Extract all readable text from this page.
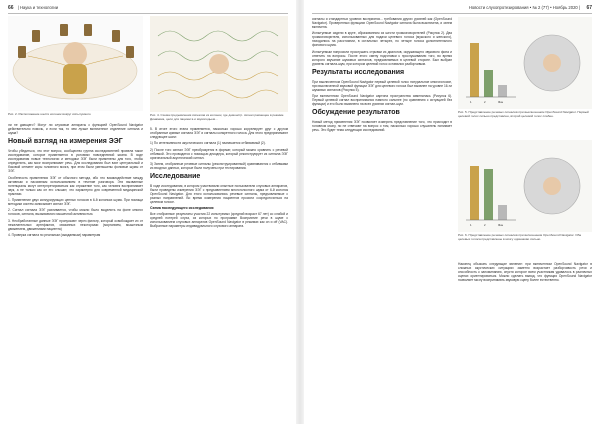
66 | Наука и технологии
Рис. 2. Расположение шести колонок вокруг испытуемого

ли не дающего? Могут ли слуховые аппараты с функцией OpenSound Navigator действительно помочь, и если так, то чем лучше включенное отделение сигнала и шума?

Новый взгляд на измерения ЭЭГ

Чтобы убедиться, что этот вопрос, сообщество группа исследователей провела такое исследование, которое применяется в условиях повседневной жизни. В ходе исследования новые технологии и методики ЭЭГ были применены для того, чтобы определить, как мозг воспринимает речь. Для исследования был взят центральный и боковой сегмент коры головного мозга, при этом были уменьшены фоновые шумы от ЭЭГ.

Особенность применения ЭЭГ от обычного метода, ибо это взаимодействие между активным и пассивным использованием в течение разговора. Эти вызванные потенциалы могут интерпретироваться как отражение того, как человек воспринимает звук, а не только как он его слышит, что характерно для современной медицинской практики.

1. Применение двух конкурирующих цепных голосов в 6-й колонках шума. При помощи методики систем записывает сигнал ЭЭГ.

2. Сигнал сигнала ЭЭГ усиливается, чтобы можно было выделить на фоне многих голосов, сигнала, вызываемого мышечной активностью.

3. Необработанные данные ЭЭГ пропускают через фильтр, который освобождает их от нежелательных артефактов, связанных некоторыми (морганием, мышечным движением, движениями пациента)

4. Проверка сигнала по реальным (ожидаемым) параметрам

Рис. 4. Схема предъявления сигналов из колонок, где демонстр. сигнал размещен в режиме Динамика, цели для пациента и звукоподьем...

5. В итоге этого этапа применяется, насколько хорошо коррелирует друг с другом отобранные кривые сигнала ЭЭГ и сигналы конкретного голоса. Для этого предпринимают следующее шаги:

1) По интенсивности акустического сигнала (1) назначается отбиваемый (2).

2) После того сигнал ЭЭГ преобразуется в формат, который можно сравнить с речевой отбивкой. Это проводится с помощью декодера, который реконструирует из сигнала ЭЭГ оригинальный акустический сигнал.

3) Затем, отобранные речевые сигналы (реконструированный) сравниваются с отбивками из входных данных, которые были получены при тестировании.

Исследование

В ходе исследования, в котором участвовали опытные пользователи слуховых аппаратов, были проведены измерения ЭЭГ с предъявлением многоголосного шума от 6-й колонок OpenSound Navigator. Для этого использовались речевые сигналы, предъявляемые с разных направлений. Во время измерения пациентов просили сосредоточиться на целевом голосе.

Схема последующего исследования

Все отобранные результаты участия 22 испытуемых (средний возраст 67 лет) со слабой и средней потерей слуха, из которых по программе Восприятие речи в шуме с использованием слуховых аппаратов OpenSound Navigator в режимах как on и off (VAC). Выбранные параметры индивидуального слухового аппарата.

Новости слухопротезирования • № 2 (77) • Ноябрь 2020 | 67

сигналы и стандартных уровнях восприятия... требования других уровней как (OpenSound Navigator). Проверенных функциях OpenSound Navigator сигнала была выключена, и затем включена.

Испытуемые сидели в круге, образованном из шести громкоговорителей (Рисунок 2). Два громкоговорителя, использованных для подачи целевого голоса (мужского и женского), находились на расстоянии, в остальных четырех, по четыре голоса дополнительного фонового шума.

Испытуемым попросили прослушать отрывки из диалогов, окружающего звукового фона и ответить на вопросы. После этого смену подготовки к прослушиванию того, во время которого звучание шумовых сигналов, предъявляемых в целевой стороне. Был выбран уровень сигнала-шум, при котором целевой голос оставался разборчивым.

Результаты исследования

При выключенном OpenSound Navigator первый целевой голос натуральное многоголосие, при выключенной звуковой функции ЭЭГ для целевого голоса был выявлен на уровне 16-ти шумовых сигналов (Рисунок 5).

При включенном OpenSound Navigator картина пространства изменилась (Рисунок 6). Первый целевой сигнал воспринимался намного сильнее (по сравнению с ситуацией без функции) и это было выявлено на всех уровнях сигнал-шум.

Обсуждение результатов

Новый метод применения ЭЭГ позволяет измерить представление того, что присходит в головном мозгу, но не отвечают на вопрос о том, насколько хорошо слушатель понимает речь. Это будет тема следующих исследований.

1	2	Фон
Рис. 5. Представление речевых сигналов при выключенном OpenSound Navigator. Первый целевой голос сильно представлен, второй целевой голос слабее.
1	2	Фон
Рис. 6. Представление речевых сигналов при включенном OpenSound Navigator. Оба целевых голоса представлены в мозгу одинаково сильно.

Наконец обьясать следующие явление: при включенном OpenSound Navigator в сложных акустических ситуациях заметно возрастает разборчивость речи и способность к запоминанию, спустя которое всем участникам удавалось в различных сценах ориентироваться. Можно сделать вывод, что функция OpenSound Navigator позволяет мозгу воспринимать звуковую сцену более естественно.
